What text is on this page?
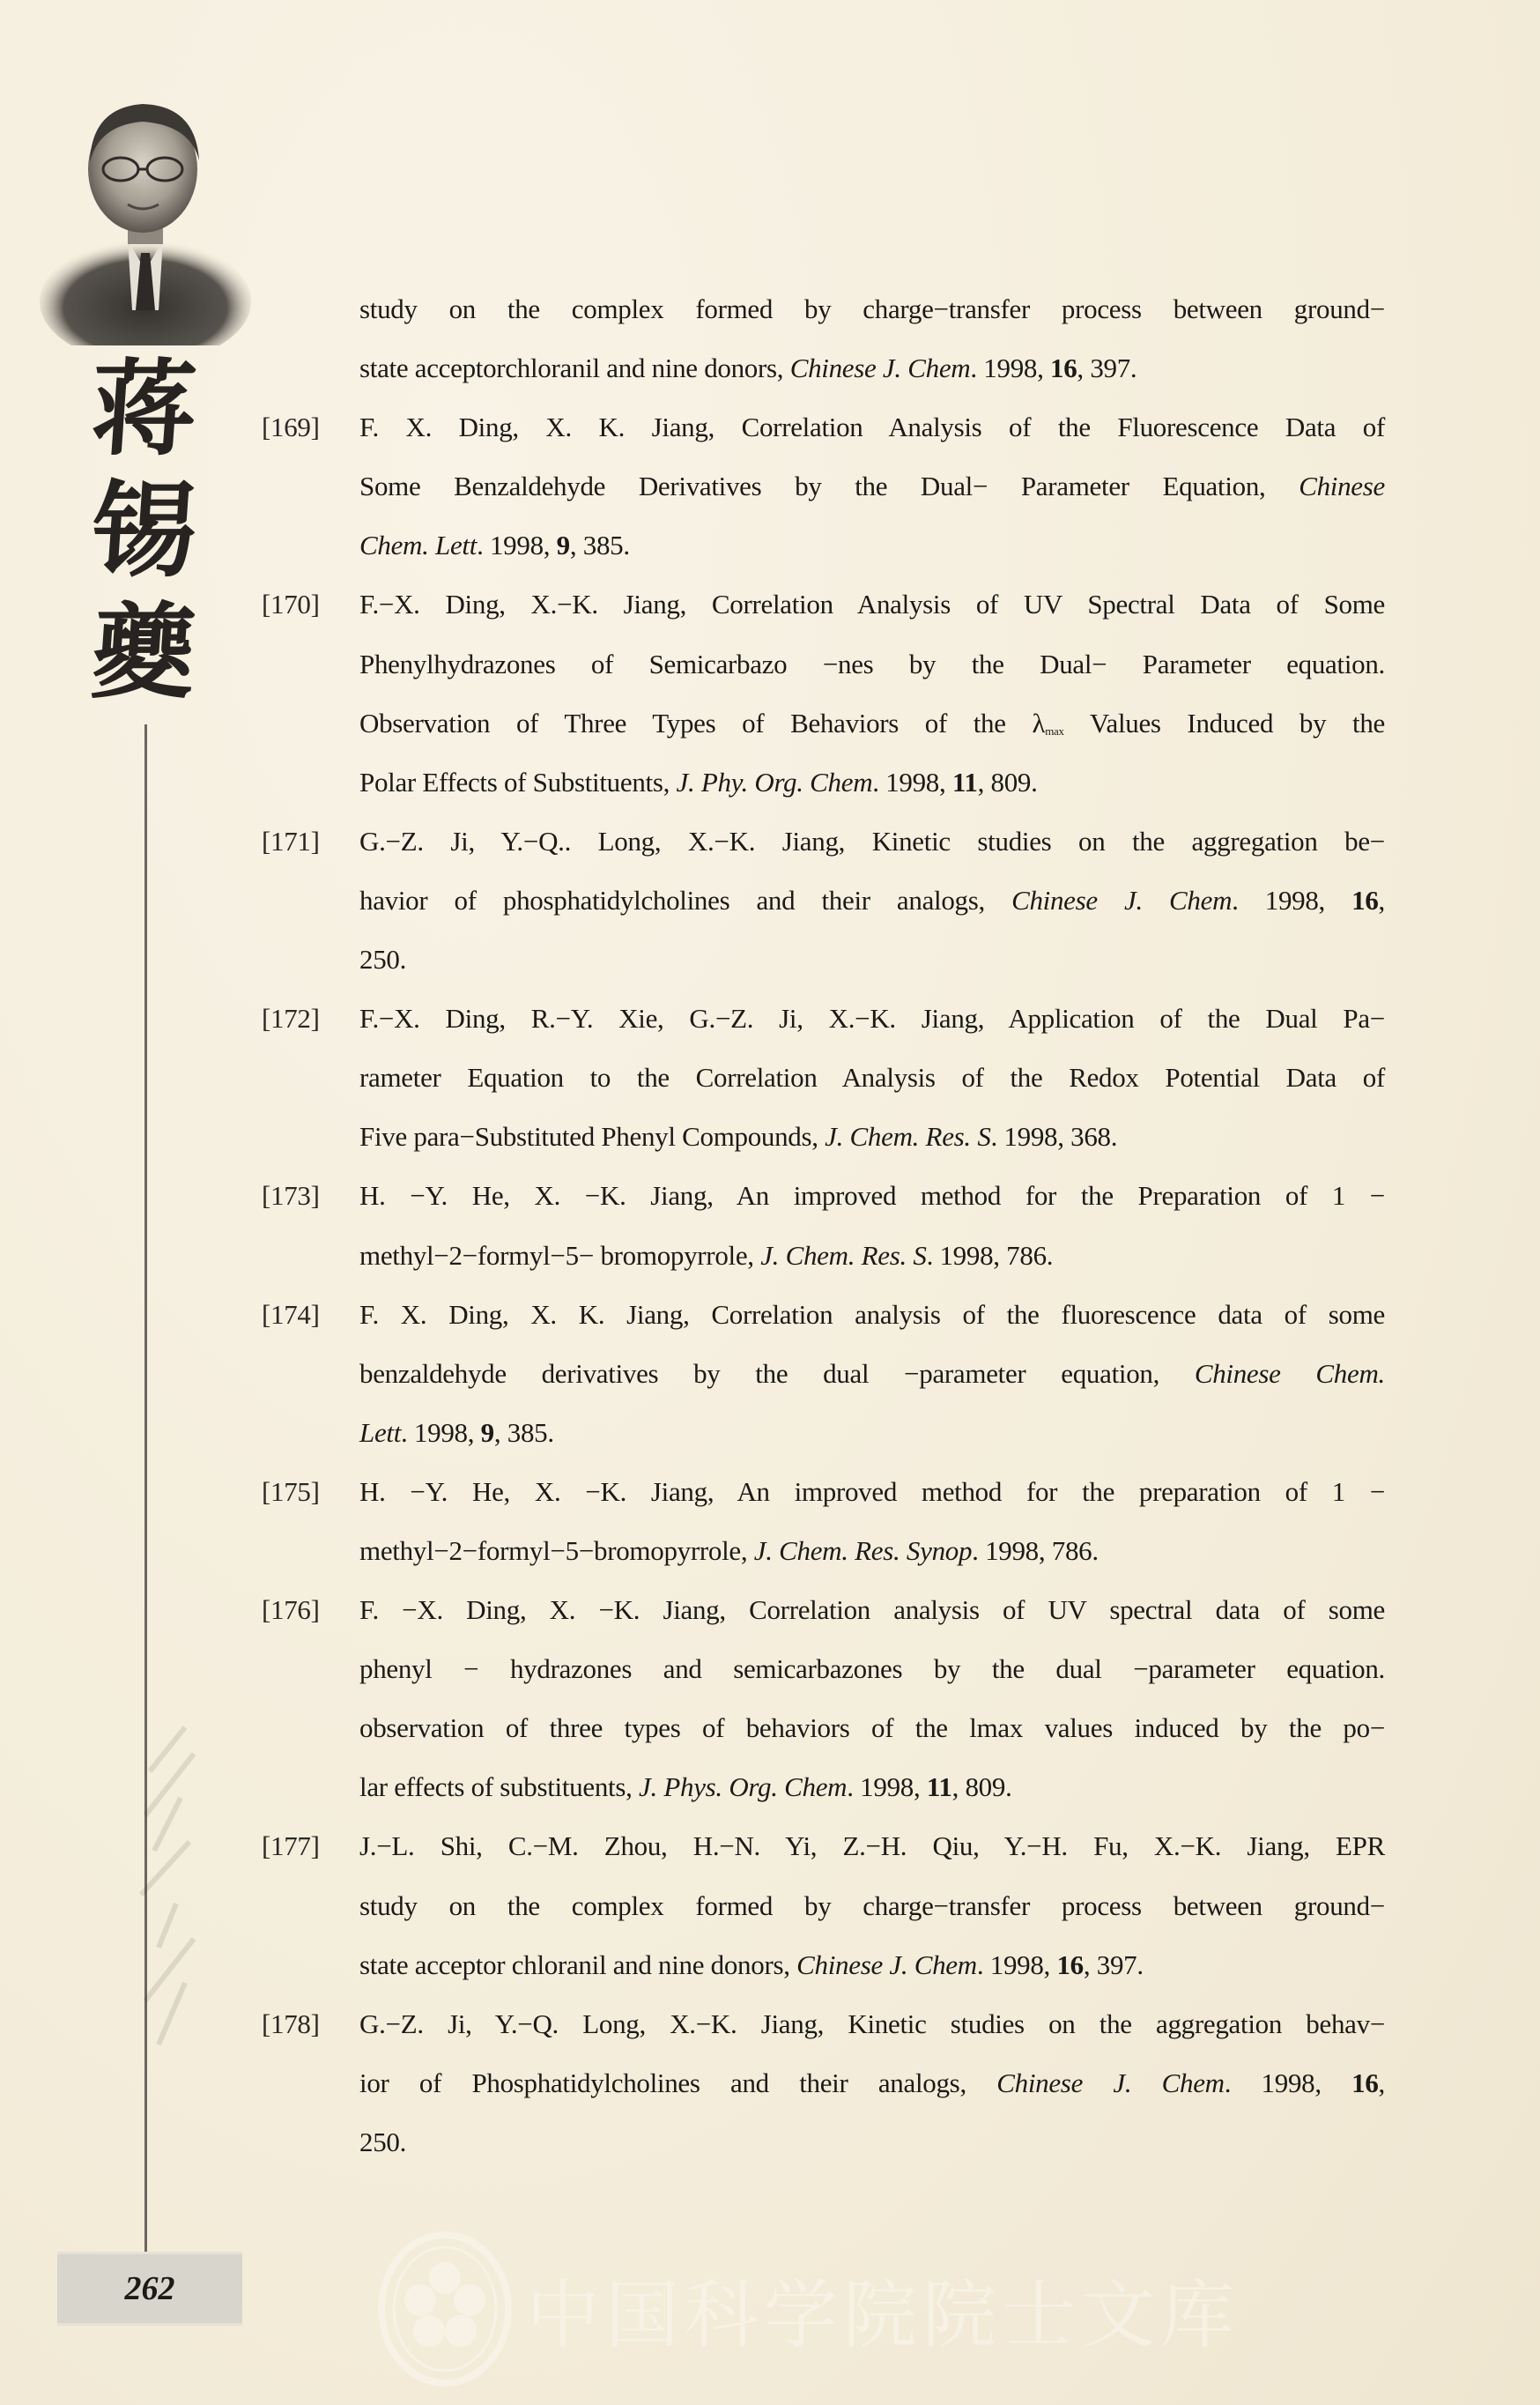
蒋
锡
夔
study on the complex formed by charge−transfer process between ground−
state acceptorchloranil and nine donors, Chinese J. Chem. 1998, 16, 397.
[169]	F. X. Ding, X. K. Jiang, Correlation Analysis of the Fluorescence Data of
Some Benzaldehyde Derivatives by the Dual− Parameter Equation, Chinese
Chem. Lett. 1998, 9, 385.
[170]	F.−X. Ding, X.−K. Jiang, Correlation Analysis of UV Spectral Data of Some
Phenylhydrazones of Semicarbazo −nes by the Dual− Parameter equation.
Observation of Three Types of Behaviors of the $\lambda_{max}$ Values Induced by the
Polar Effects of Substituents, J. Phy. Org. Chem. 1998, 11, 809.
[171]	G.−Z. Ji, Y.−Q.. Long, X.−K. Jiang, Kinetic studies on the aggregation be−
havior of phosphatidylcholines and their analogs, Chinese J. Chem. 1998, 16,
250.
[172]	F.−X. Ding, R.−Y. Xie, G.−Z. Ji, X.−K. Jiang, Application of the Dual Pa−
rameter Equation to the Correlation Analysis of the Redox Potential Data of
Five para−Substituted Phenyl Compounds, J. Chem. Res. S. 1998, 368.
[173]	H. −Y. He, X. −K. Jiang, An improved method for the Preparation of 1 −
methyl−2−formyl−5− bromopyrrole, J. Chem. Res. S. 1998, 786.
[174]	F. X. Ding, X. K. Jiang, Correlation analysis of the fluorescence data of some
benzaldehyde derivatives by the dual −parameter equation, Chinese Chem.
Lett. 1998, 9, 385.
[175]	H. −Y. He, X. −K. Jiang, An improved method for the preparation of 1 −
methyl−2−formyl−5−bromopyrrole, J. Chem. Res. Synop. 1998, 786.
[176]	F. −X. Ding, X. −K. Jiang, Correlation analysis of UV spectral data of some
phenyl − hydrazones and semicarbazones by the dual −parameter equation.
observation of three types of behaviors of the lmax values induced by the po−
lar effects of substituents, J. Phys. Org. Chem. 1998, 11, 809.
[177]	J.−L. Shi, C.−M. Zhou, H.−N. Yi, Z.−H. Qiu, Y.−H. Fu, X.−K. Jiang, EPR
study on the complex formed by charge−transfer process between ground−
state acceptor chloranil and nine donors, Chinese J. Chem. 1998, 16, 397.
[178]	G.−Z. Ji, Y.−Q. Long, X.−K. Jiang, Kinetic studies on the aggregation behav−
ior of Phosphatidylcholines and their analogs, Chinese J. Chem. 1998, 16,
250.
262	中国科学院院士文库
